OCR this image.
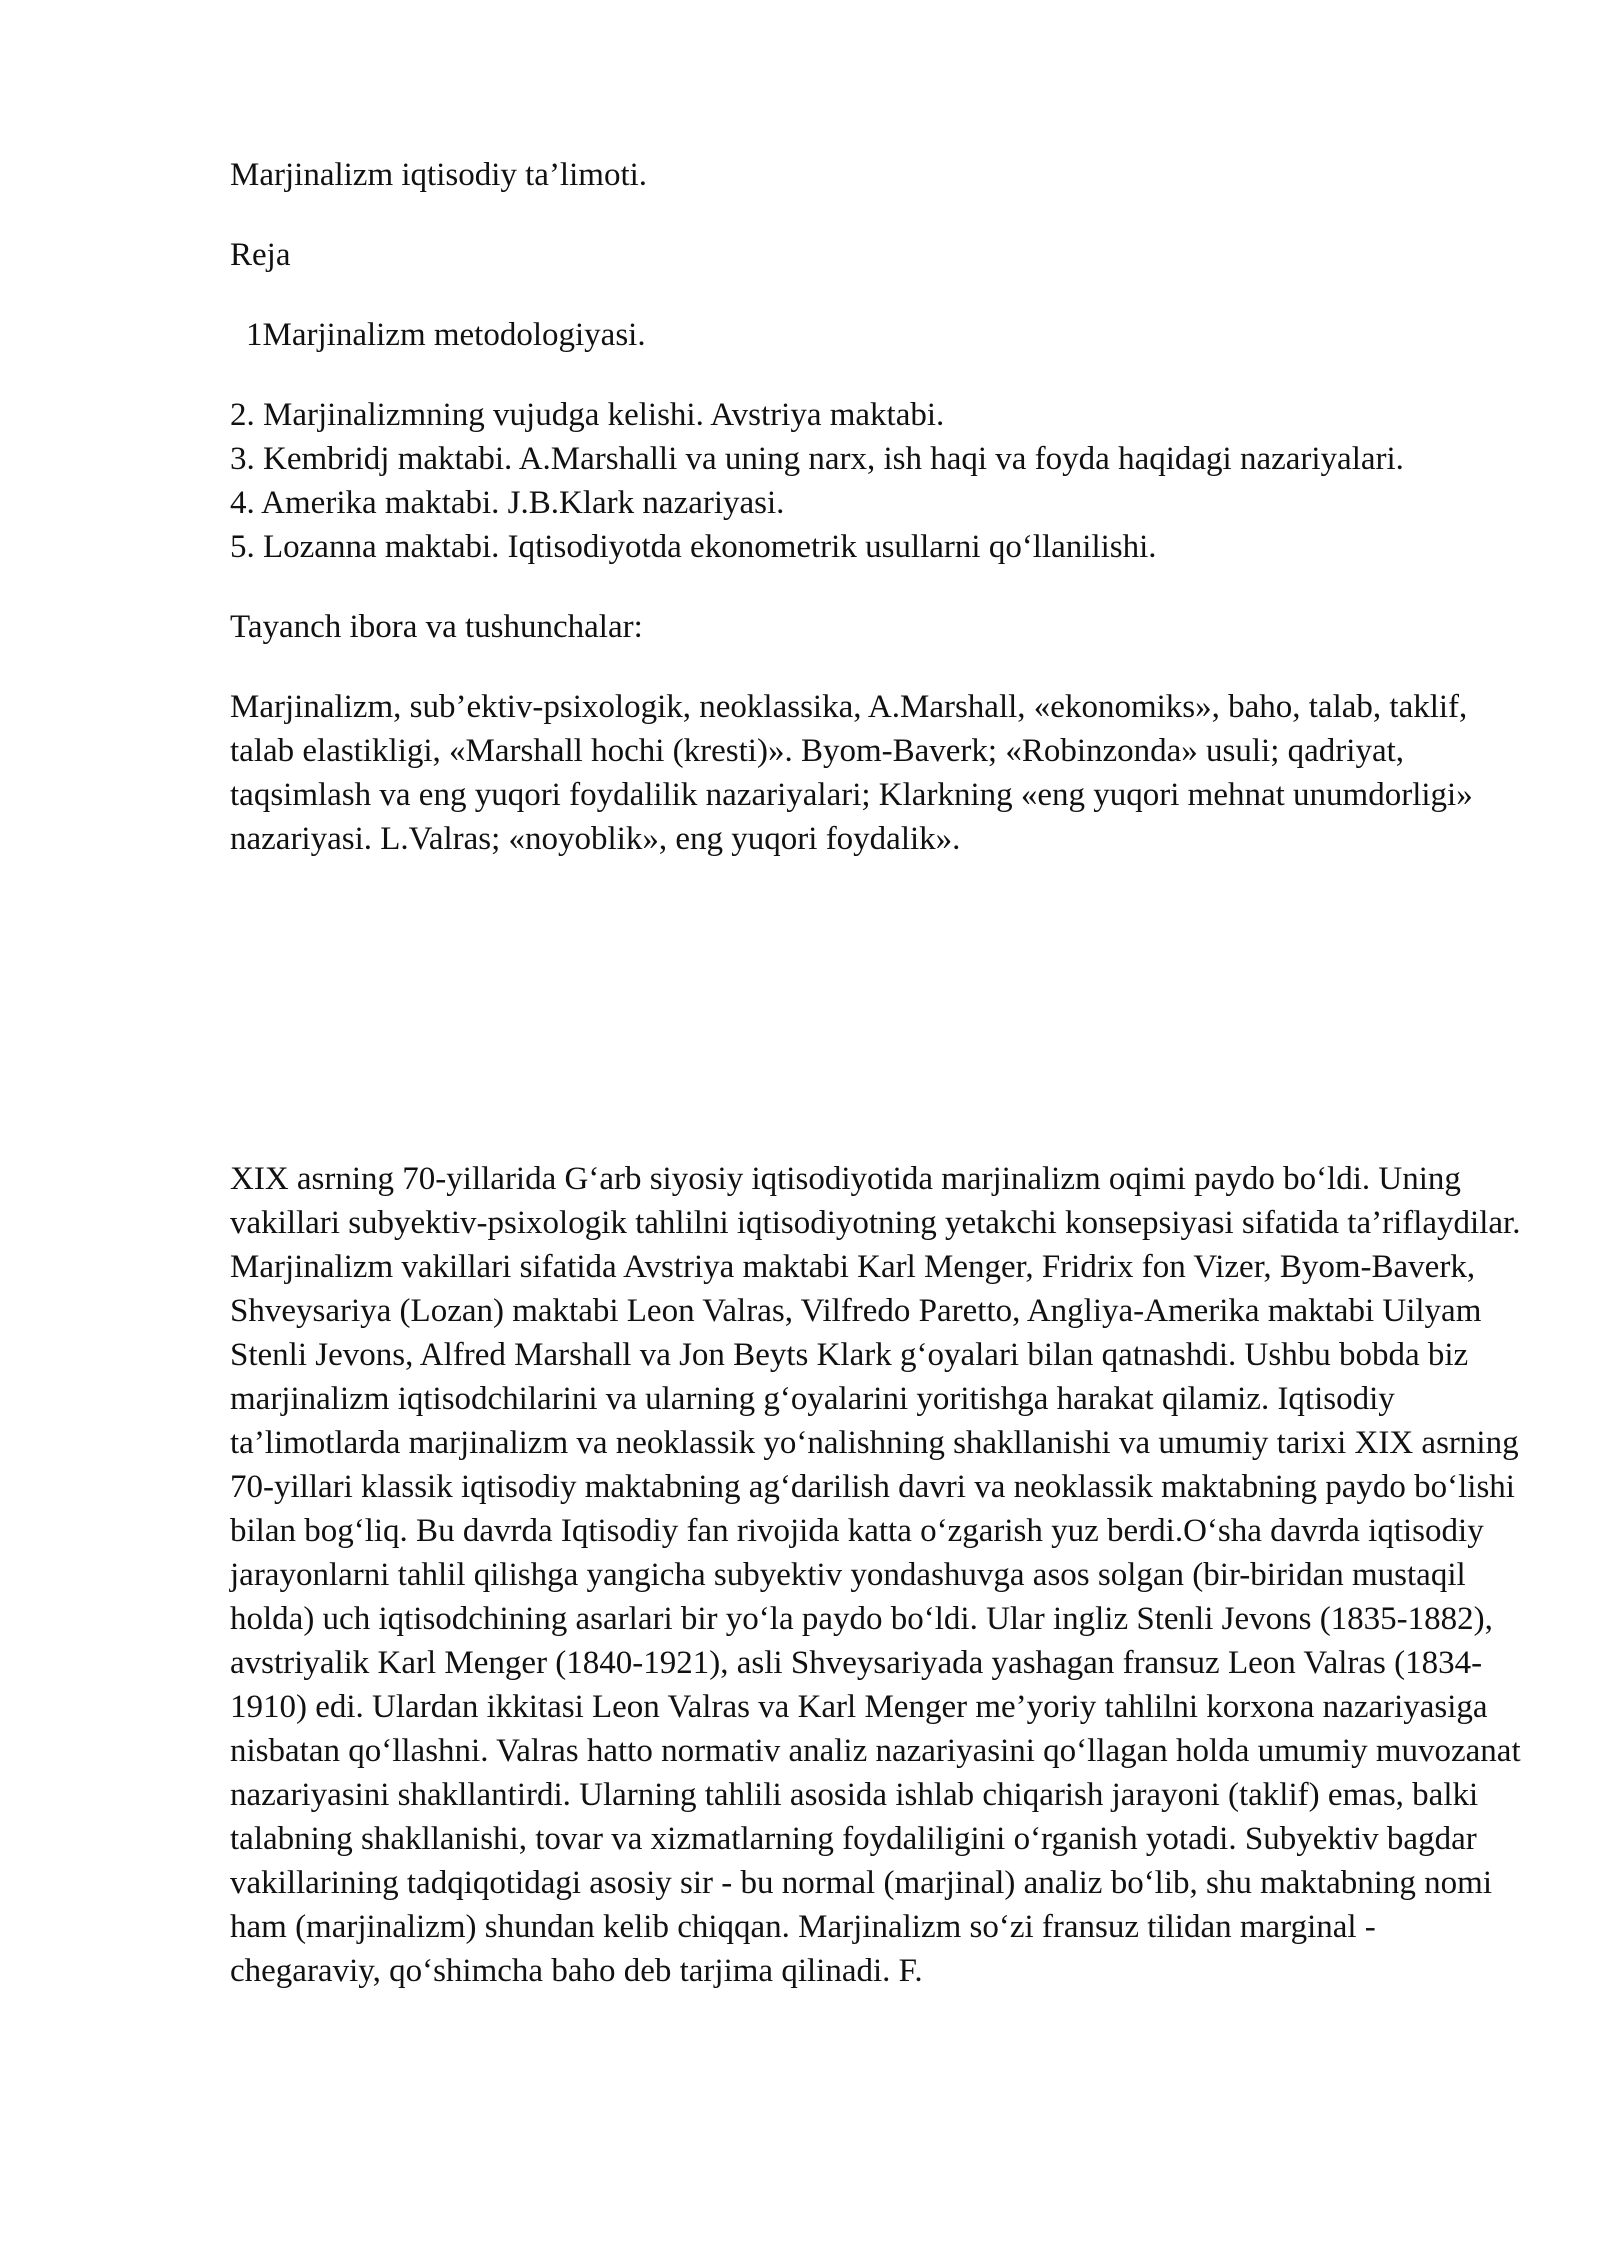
Marjinalizm iqtisodiy ta’limoti.

Reja

1Marjinalizm metodologiyasi.

2. Marjinalizmning vujudga kelishi. Avstriya maktabi.
3. Kembridj maktabi. A.Marshalli va uning narx, ish haqi va foyda haqidagi nazariyalari.
4. Amerika maktabi. J.B.Klark nazariyasi.
5. Lozanna maktabi. Iqtisodiyotda ekonometrik usullarni qo‘llanilishi.

Tayanch ibora va tushunchalar:

Marjinalizm, sub’ektiv-psixologik, neoklassika, A.Marshall, «ekonomiks», baho, talab, taklif, talab elastikligi, «Marshall hochi (kresti)». Byom-Baverk; «Robinzonda» usuli; qadriyat, taqsimlash va eng yuqori foydalilik nazariyalari; Klarkning «eng yuqori mehnat unumdorligi» nazariyasi. L.Valras; «noyoblik», eng yuqori foydalik».

XIX asrning 70-yillarida G‘arb siyosiy iqtisodiyotida marjinalizm oqimi paydo bo‘ldi. Uning vakillari subyektiv-psixologik tahlilni iqtisodiyotning yetakchi konsepsiyasi sifatida ta’riflaydilar. Marjinalizm vakillari sifatida Avstriya maktabi Karl Menger, Fridrix fon Vizer, Byom-Baverk, Shveysariya (Lozan) maktabi Leon Valras, Vilfredo Paretto, Angliya-Amerika maktabi Uilyam Stenli Jevons, Alfred Marshall va Jon Beyts Klark g‘oyalari bilan qatnashdi. Ushbu bobda biz marjinalizm iqtisodchilarini va ularning g‘oyalarini yoritishga harakat qilamiz. Iqtisodiy ta’limotlarda marjinalizm va neoklassik yo‘nalishning shakllanishi va umumiy tarixi XIX asrning 70-yillari klassik iqtisodiy maktabning ag‘darilish davri va neoklassik maktabning paydo bo‘lishi bilan bog‘liq. Bu davrda Iqtisodiy fan rivojida katta o‘zgarish yuz berdi.O‘sha davrda iqtisodiy jarayonlarni tahlil qilishga yangicha subyektiv yondashuvga asos solgan (bir-biridan mustaqil holda) uch iqtisodchining asarlari bir yo‘la paydo bo‘ldi. Ular ingliz Stenli Jevons (1835-1882), avstriyalik Karl Menger (1840-1921), asli Shveysariyada yashagan fransuz Leon Valras (1834-1910) edi. Ulardan ikkitasi Leon Valras va Karl Menger me’yoriy tahlilni korxona nazariyasiga nisbatan qo‘llashni. Valras hatto normativ analiz nazariyasini qo‘llagan holda umumiy muvozanat nazariyasini shakllantirdi. Ularning tahlili asosida ishlab chiqarish jarayoni (taklif) emas, balki talabning shakllanishi, tovar va xizmatlarning foydaliligini o‘rganish yotadi. Subyektiv bagdar vakillarining tadqiqotidagi asosiy sir - bu normal (marjinal) analiz bo‘lib, shu maktabning nomi ham (marjinalizm) shundan kelib chiqqan. Marjinalizm so‘zi fransuz tilidan marginal - chegaraviy, qo‘shimcha baho deb tarjima qilinadi. F.
